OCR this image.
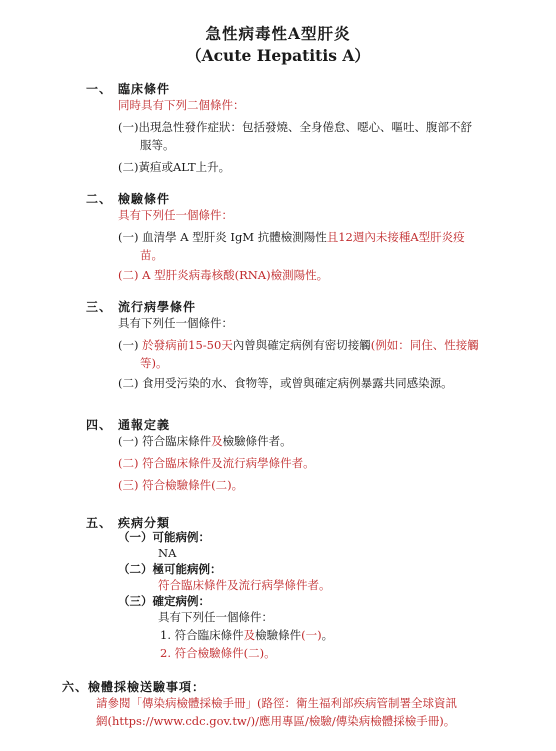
急性病毒性A型肝炎
（Acute Hepatitis A）
一、 臨床條件
同時具有下列二個條件：
(一)出現急性發作症狀：包括發燒、全身倦怠、噁心、嘔吐、腹部不舒
服等。
(二)黃疸或ALT上升。
二、 檢驗條件
具有下列任一個條件：
(一) 血清學 A 型肝炎 IgM 抗體檢測陽性且12週內未接種A型肝炎疫
苗。
(二) A 型肝炎病毒核酸(RNA)檢測陽性。
三、 流行病學條件
具有下列任一個條件：
(一) 於發病前15-50天內曾與確定病例有密切接觸(例如：同住、性接觸
等)。
(二) 食用受污染的水、食物等，或曾與確定病例暴露共同感染源。
四、 通報定義
(一) 符合臨床條件及檢驗條件者。
(二) 符合臨床條件及流行病學條件者。
(三) 符合檢驗條件(二)。
五、 疾病分類
（一）可能病例：
NA
（二）極可能病例：
符合臨床條件及流行病學條件者。
（三）確定病例：
具有下列任一個條件：
1. 符合臨床條件及檢驗條件(一)。
2. 符合檢驗條件(二)。
六、檢體採檢送驗事項：
請參閱「傳染病檢體採檢手冊」(路徑：衛生福利部疾病管制署全球資訊
網(https://www.cdc.gov.tw/)/應用專區/檢驗/傳染病檢體採檢手冊)。
